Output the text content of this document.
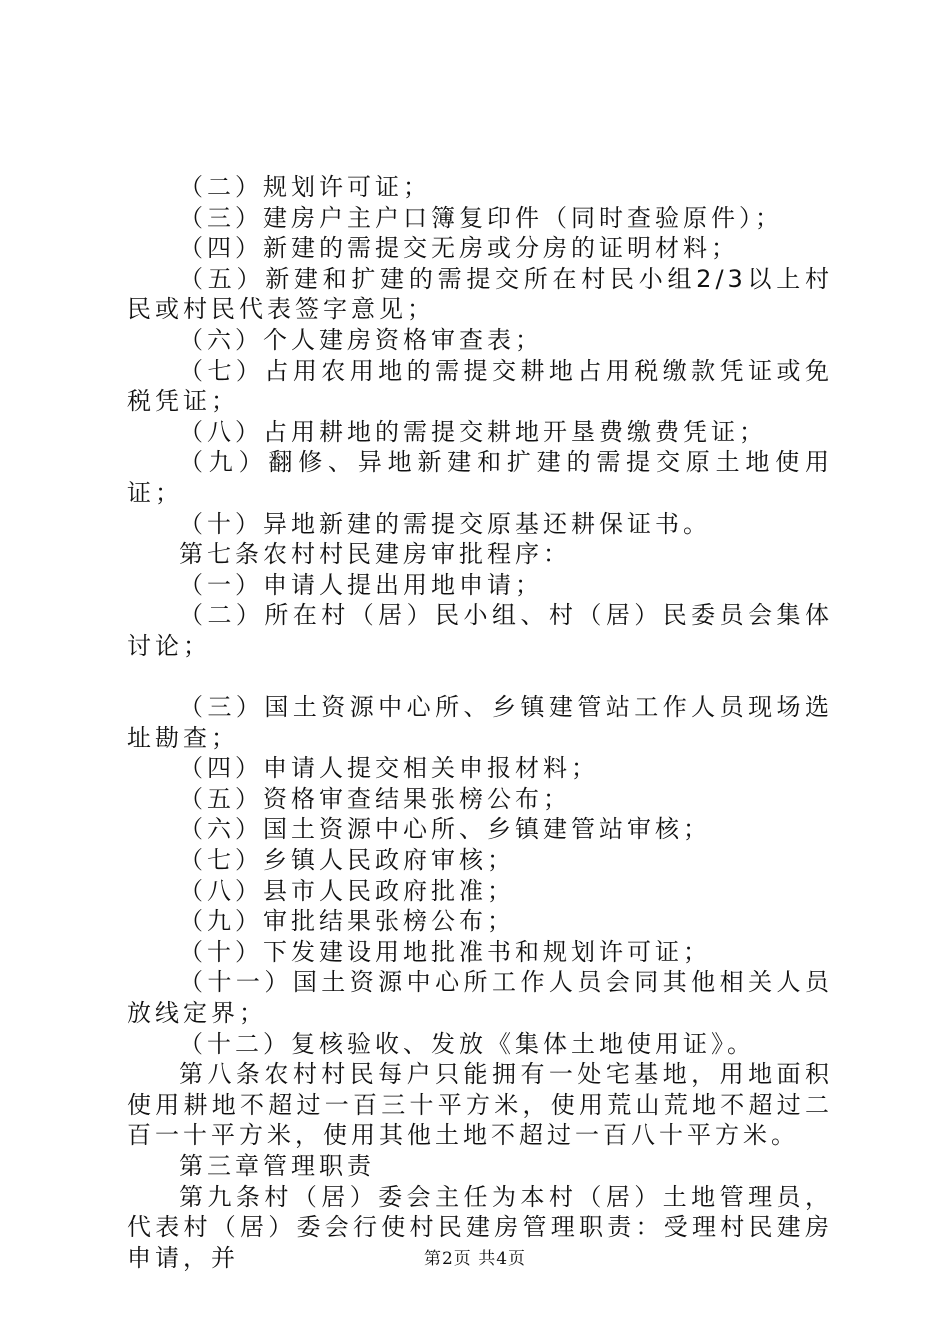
（二）规划许可证；

（三）建房户主户口簿复印件（同时查验原件）；

（四）新建的需提交无房或分房的证明材料；

（五）新建和扩建的需提交所在村民小组2/3以上村民或村民代表签字意见；

（六）个人建房资格审查表；

（七）占用农用地的需提交耕地占用税缴款凭证或免税凭证；

（八）占用耕地的需提交耕地开垦费缴费凭证；

（九）翻修、异地新建和扩建的需提交原土地使用证；

（十）异地新建的需提交原基还耕保证书。

第七条农村村民建房审批程序：

（一）申请人提出用地申请；

（二）所在村（居）民小组、村（居）民委员会集体讨论；

（三）国土资源中心所、乡镇建管站工作人员现场选址勘查；

（四）申请人提交相关申报材料；

（五）资格审查结果张榜公布；

（六）国土资源中心所、乡镇建管站审核；

（七）乡镇人民政府审核；

（八）县市人民政府批准；

（九）审批结果张榜公布；

（十）下发建设用地批准书和规划许可证；

（十一）国土资源中心所工作人员会同其他相关人员放线定界；

（十二）复核验收、发放《集体土地使用证》。

第八条农村村民每户只能拥有一处宅基地，用地面积使用耕地不超过一百三十平方米，使用荒山荒地不超过二百一十平方米，使用其他土地不超过一百八十平方米。

第三章管理职责

第九条村（居）委会主任为本村（居）土地管理员，代表村（居）委会行使村民建房管理职责：受理村民建房申请，并	第2页 共4页
